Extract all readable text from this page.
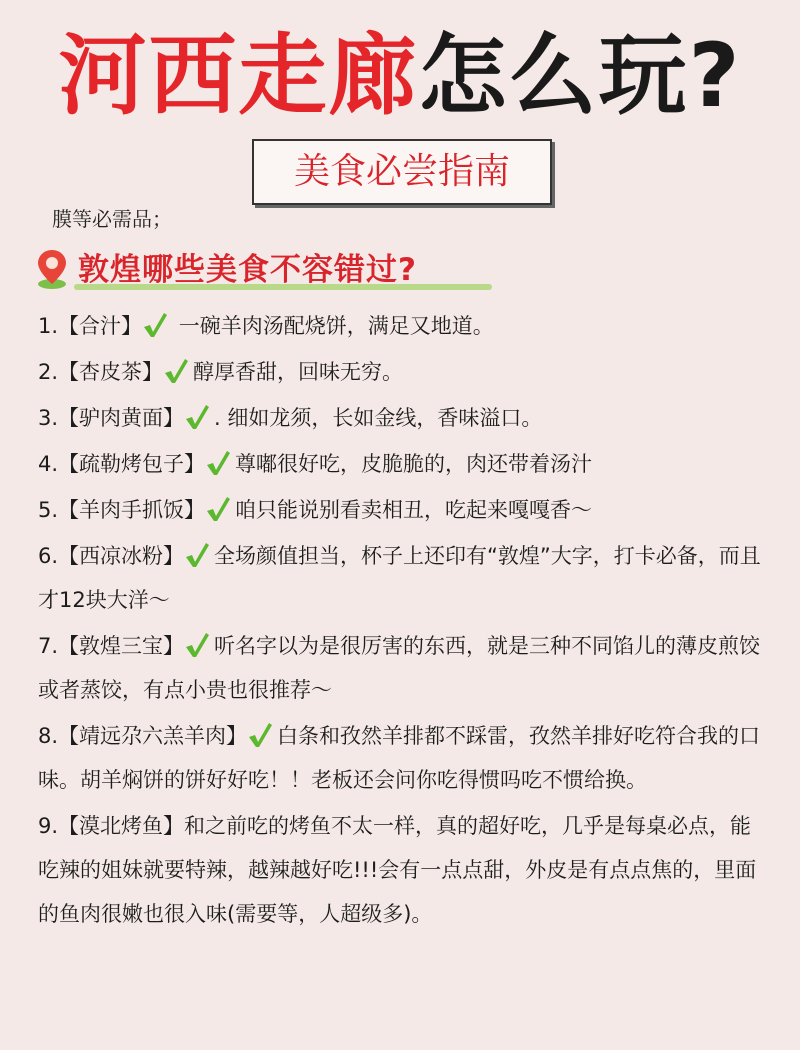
河西走廊怎么玩?
美食必尝指南
膜等必需品；
敦煌哪些美食不容错过?
1.【合汁】 一碗羊肉汤配烧饼，满足又地道。
2.【杏皮茶】 醇厚香甜，回味无穷。
3.【驴肉黄面】 . 细如龙须，长如金线，香味溢口。
4.【疏勒烤包子】 尊嘟很好吃，皮脆脆的，肉还带着汤汁
5.【羊肉手抓饭】 咱只能说别看卖相丑，吃起来嘎嘎香～
6.【西凉冰粉】 全场颜值担当，杯子上还印有“敦煌”大字，打卡必备，而且才12块大洋～
7.【敦煌三宝】 听名字以为是很厉害的东西，就是三种不同馅儿的薄皮煎饺或者蒸饺，有点小贵也很推荐～
8.【靖远尕六羔羊肉】 白条和孜然羊排都不踩雷，孜然羊排好吃符合我的口味。胡羊焖饼的饼好好吃！！老板还会问你吃得惯吗吃不惯给换。
9.【漠北烤鱼】和之前吃的烤鱼不太一样，真的超好吃，几乎是每桌必点，能吃辣的姐妹就要特辣，越辣越好吃!!!会有一点点甜，外皮是有点点焦的，里面的鱼肉很嫩也很入味(需要等，人超级多)。
